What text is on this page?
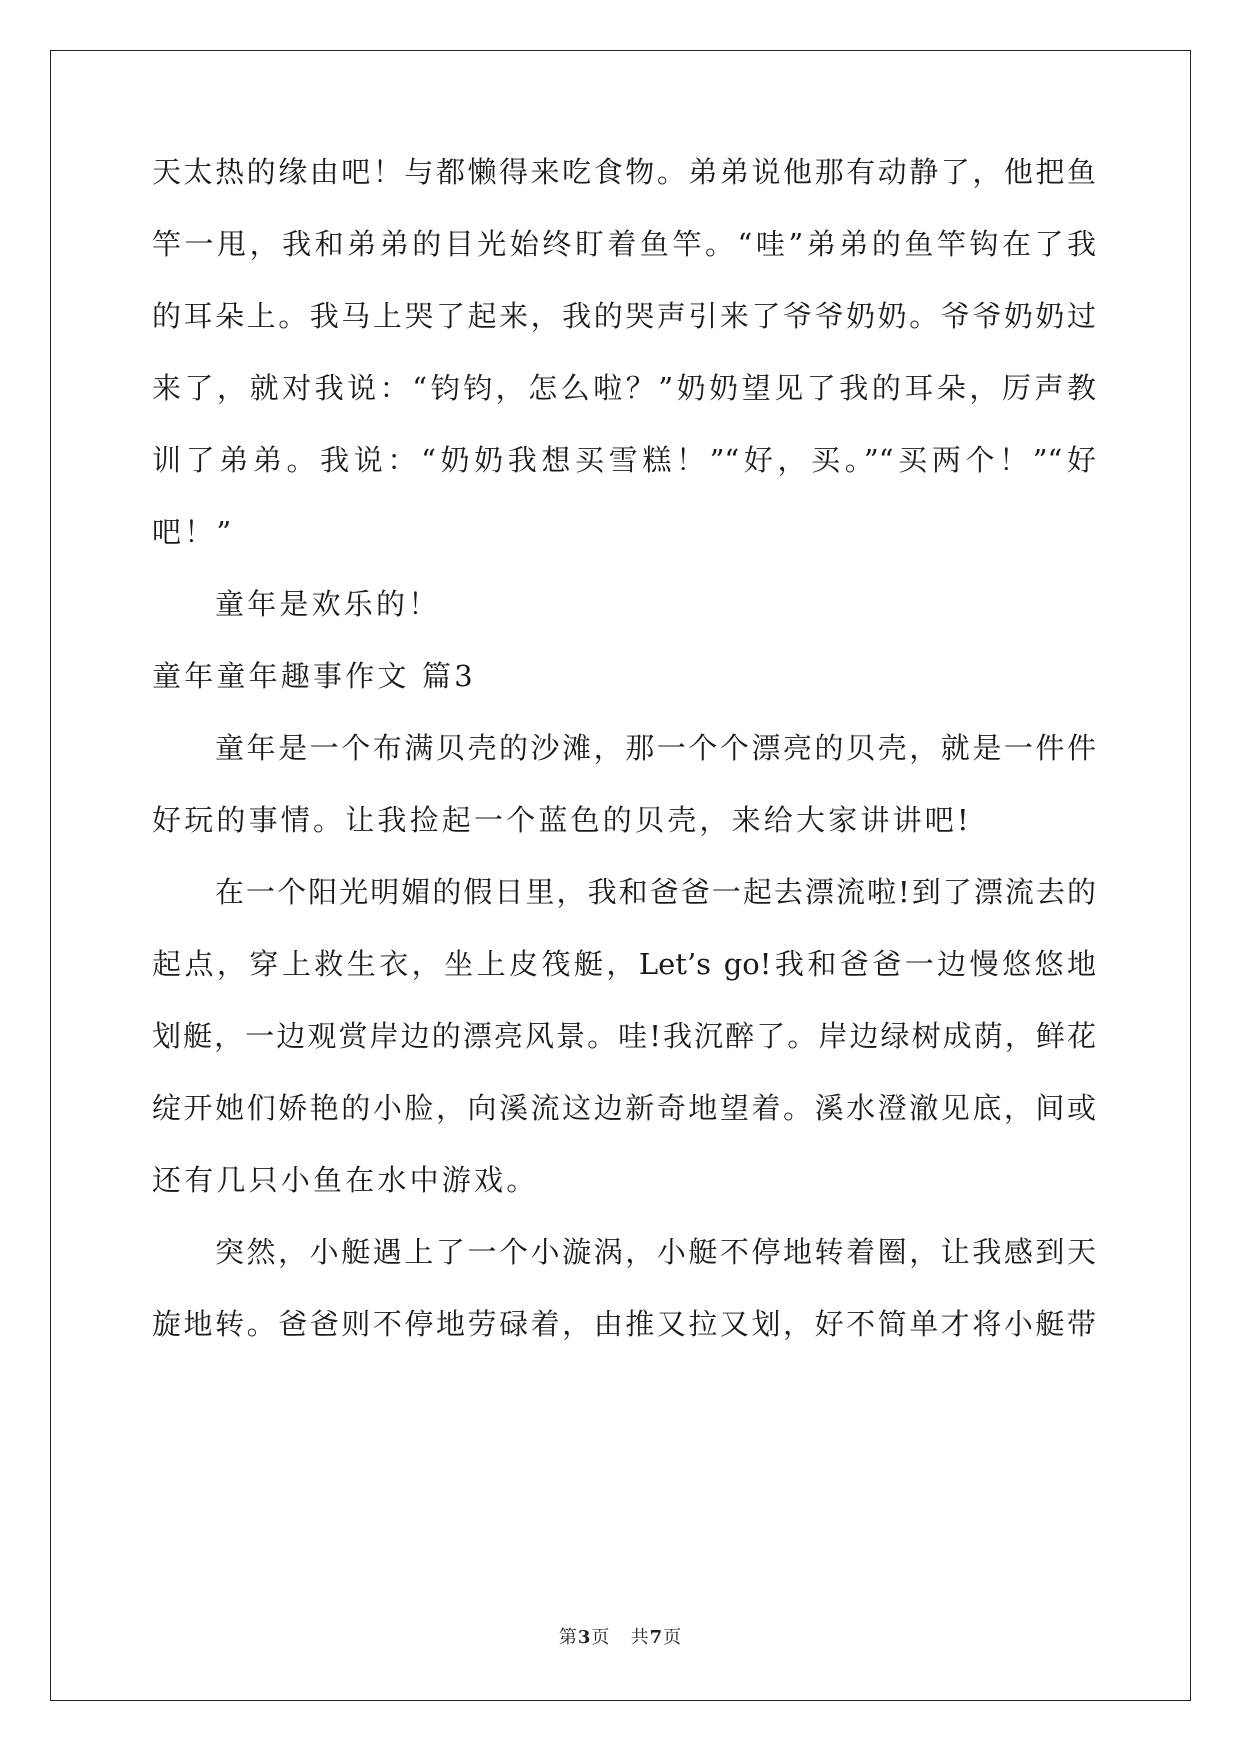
天太热的缘由吧！与都懒得来吃食物。弟弟说他那有动静了，他把鱼
竿一甩，我和弟弟的目光始终盯着鱼竿。“哇”弟弟的鱼竿钩在了我
的耳朵上。我马上哭了起来，我的哭声引来了爷爷奶奶。爷爷奶奶过
来了，就对我说：“钧钧，怎么啦？”奶奶望见了我的耳朵，厉声教
训了弟弟。我说：“奶奶我想买雪糕！”“好，买。”“买两个！”“好
吧！”
童年是欢乐的！
童年童年趣事作文 篇3
童年是一个布满贝壳的沙滩，那一个个漂亮的贝壳，就是一件件
好玩的事情。让我捡起一个蓝色的贝壳，来给大家讲讲吧!
在一个阳光明媚的假日里，我和爸爸一起去漂流啦!到了漂流去的
起点，穿上救生衣，坐上皮筏艇，Let’s go!我和爸爸一边慢悠悠地
划艇，一边观赏岸边的漂亮风景。哇!我沉醉了。岸边绿树成荫，鲜花
绽开她们娇艳的小脸，向溪流这边新奇地望着。溪水澄澈见底，间或
还有几只小鱼在水中游戏。
突然，小艇遇上了一个小漩涡，小艇不停地转着圈，让我感到天
旋地转。爸爸则不停地劳碌着，由推又拉又划，好不简单才将小艇带
第3页 共7页
